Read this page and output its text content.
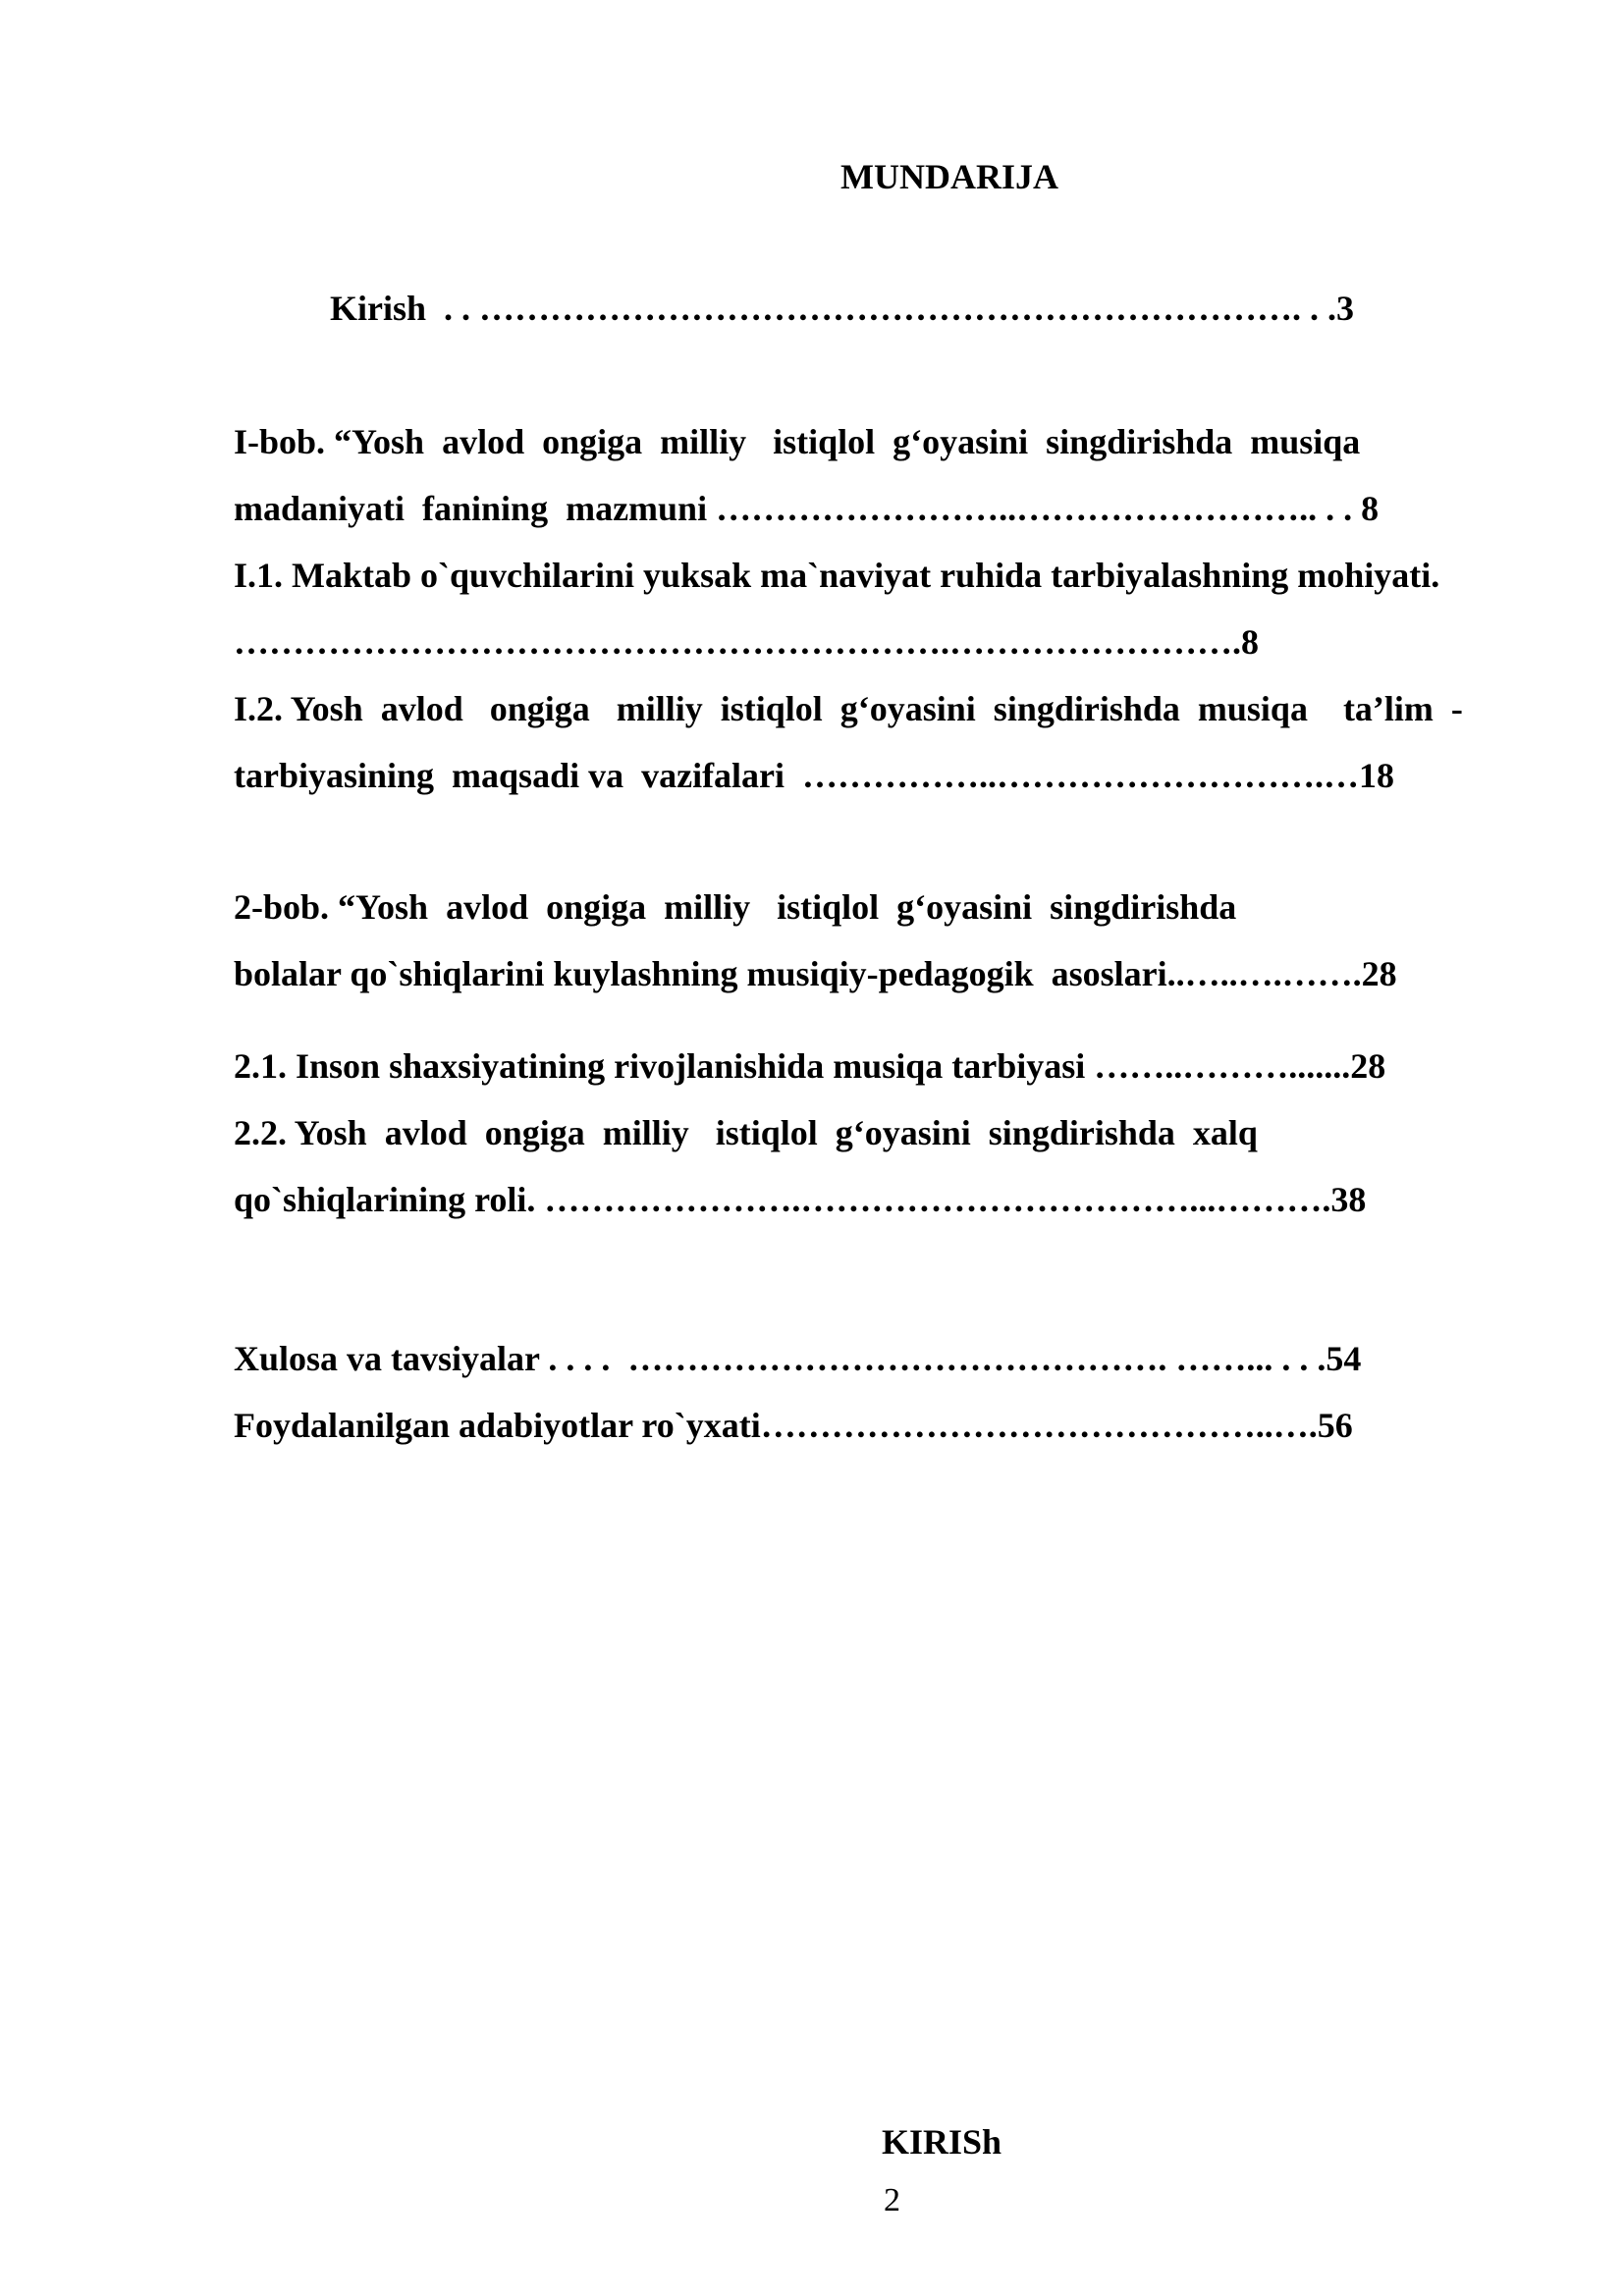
MUNDARIJA
Kirish  . . ……………………………………………………………. . .3
I-bob. “Yosh  avlod  ongiga  milliy   istiqlol  g‘oyasini  singdirishda  musiqa
madaniyati  fanining  mazmuni ……………………..…………………….. . . 8
I.1. Maktab o`quvchilarini yuksak ma`naviyat ruhida tarbiyalashning mohiyati.
…………………………………………………….…………………….8
I.2. Yosh  avlod   ongiga   milliy  istiqlol  g‘oyasini  singdirishda  musiqa    ta’lim  -
tarbiyasining  maqsadi va  vazifalari  ……………..……………………….…18
2-bob. “Yosh  avlod  ongiga  milliy   istiqlol  g‘oyasini  singdirishda
bolalar qo`shiqlarini kuylashning musiqiy-pedagogik  asoslari..…..….…….28
2.1. Inson shaxsiyatining rivojlanishida musiqa tarbiyasi ……..……….......28
2.2. Yosh  avlod  ongiga  milliy   istiqlol  g‘oyasini  singdirishda  xalq
qo`shiqlarining roli. ………………….……………………………...……….38
Xulosa va tavsiyalar . . . .  ………………………………………. ……... . . .54
Foydalanilgan adabiyotlar ro`yxati……………………………………..….56
KIRISh
2
